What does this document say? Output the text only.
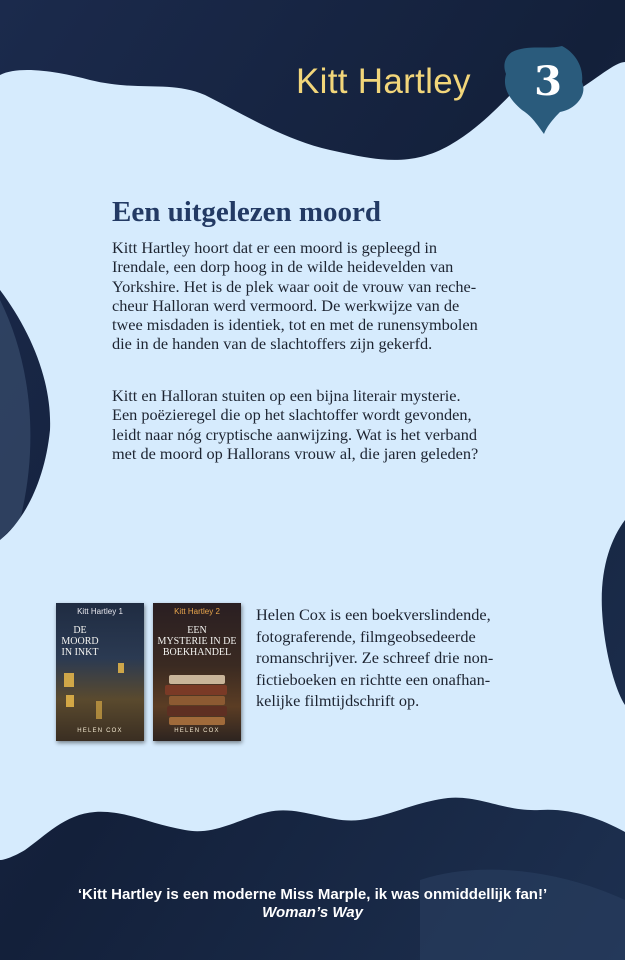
Kitt Hartley 3
Een uitgelezen moord

Kitt Hartley hoort dat er een moord is gepleegd in
Irendale, een dorp hoog in de wilde heidevelden van
Yorkshire. Het is de plek waar ooit de vrouw van reche-
cheur Halloran werd vermoord. De werkwijze van de
twee misdaden is identiek, tot en met de runensymbolen
die in de handen van de slachtoffers zijn gekerfd.

Kitt en Halloran stuiten op een bijna literair mysterie.
Een poëzieregel die op het slachtoffer wordt gevonden,
leidt naar nóg cryptische aanwijzing. Wat is het verband
met de moord op Hallorans vrouw al, die jaren geleden?

Kitt Hartley 1
DE
MOORD
IN INKT
HELEN COX
Kitt Hartley 2
EEN
MYSTERIE IN DE
BOEKHANDEL
HELEN COX

Helen Cox is een boekverslindende,
fotograferende, filmgeobsedeerde
romanschrijver. Ze schreef drie non-
fictieboeken en richtte een onafhan-
kelijke filmtijdschrift op.

‘Kitt Hartley is een moderne Miss Marple, ik was onmiddellijk fan!’
Woman’s Way
